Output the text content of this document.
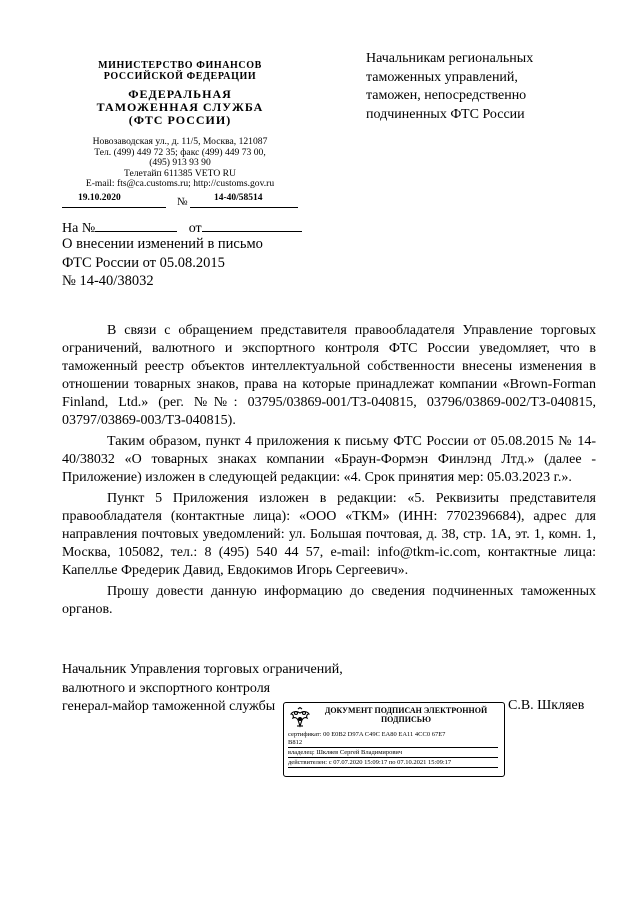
МИНИСТЕРСТВО ФИНАНСОВ
РОССИЙСКОЙ ФЕДЕРАЦИИ
ФЕДЕРАЛЬНАЯ
ТАМОЖЕННАЯ СЛУЖБА
(ФТС РОССИИ)
Новозаводская ул., д. 11/5, Москва, 121087
Тел. (499) 449 72 35; факс (499) 449 73 00,
(495) 913 93 90
Телетайп 611385 VETO RU
E-mail: fts@ca.customs.ru; http://customs.gov.ru
19.10.2020	№	14-40/58514
На №	от
О внесении изменений в письмо
ФТС России от 05.08.2015
№ 14-40/38032
Начальникам региональных
таможенных управлений,
таможен, непосредственно
подчиненных ФТС России

В связи с обращением представителя правообладателя Управление торговых ограничений, валютного и экспортного контроля ФТС России уведомляет, что в таможенный реестр объектов интеллектуальной собственности внесены изменения в отношении товарных знаков, права на которые принадлежат компании «Brown-Forman Finland, Ltd.» (рег. №№: 03795/03869-001/ТЗ-040815, 03796/03869-002/ТЗ-040815, 03797/03869-003/ТЗ-040815).

Таким образом, пункт 4 приложения к письму ФТС России от 05.08.2015 № 14-40/38032 «О товарных знаках компании «Браун-Формэн Финлэнд Лтд.» (далее - Приложение) изложен в следующей редакции: «4. Срок принятия мер: 05.03.2023 г.».

Пункт 5 Приложения изложен в редакции: «5. Реквизиты представителя правообладателя (контактные лица): «ООО «ТКМ» (ИНН: 7702396684), адрес для направления почтовых уведомлений: ул. Большая почтовая, д. 38, стр. 1А, эт. 1, комн. 1, Москва, 105082, тел.: 8 (495) 540 44 57, e-mail: info@tkm-ic.com, контактные лица: Капеллье Фредерик Давид, Евдокимов Игорь Сергеевич».

Прошу довести данную информацию до сведения подчиненных таможенных органов.

Начальник Управления торговых ограничений,
валютного и экспортного контроля
генерал-майор таможенной службы	С.В. Шкляев
ДОКУМЕНТ ПОДПИСАН ЭЛЕКТРОННОЙ
ПОДПИСЬЮ
сертификат: 00 E0B2 D97A C49C EA80 EA11 4CC0 67E7
B812
владелец: Шкляев Сергей Владимирович
действителен: с 07.07.2020 15:09:17 по 07.10.2021 15:09:17
